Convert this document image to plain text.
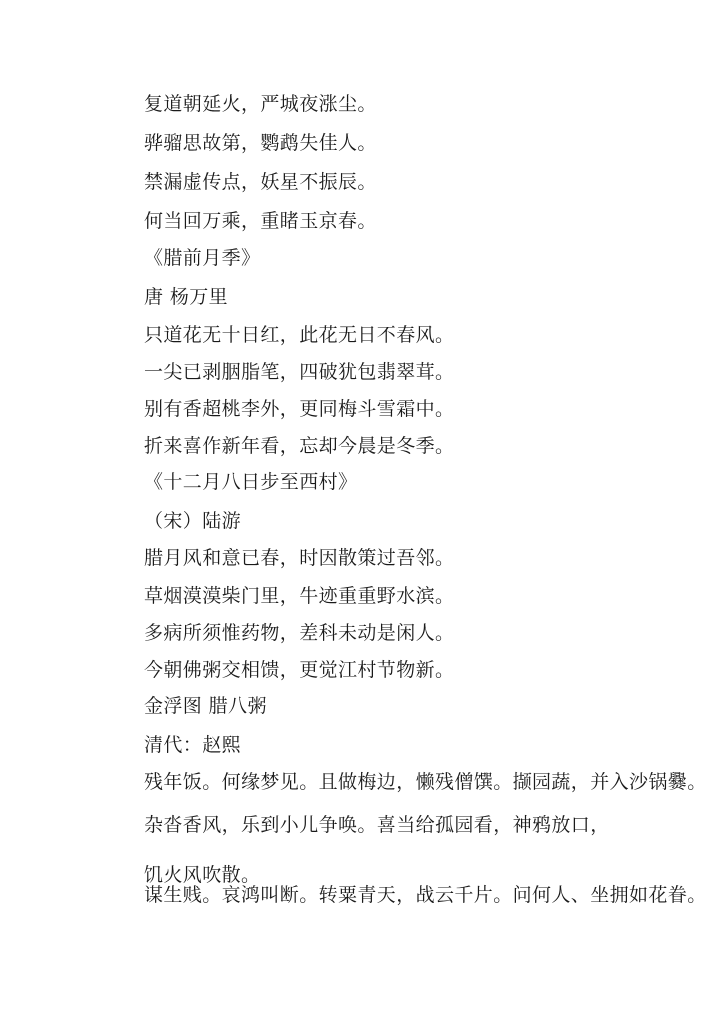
复道朝延火，严城夜涨尘。
骅骝思故第，鹦鹉失佳人。
禁漏虚传点，妖星不振辰。
何当回万乘，重睹玉京春。
《腊前月季》
唐 杨万里
只道花无十日红，此花无日不春风。
一尖已剥胭脂笔，四破犹包翡翠茸。
别有香超桃李外，更同梅斗雪霜中。
折来喜作新年看，忘却今晨是冬季。
《十二月八日步至西村》
（宋）陆游
腊月风和意已春，时因散策过吾邻。
草烟漠漠柴门里，牛迹重重野水滨。
多病所须惟药物，差科未动是闲人。
今朝佛粥交相馈，更觉江村节物新。
金浮图 腊八粥
清代：赵熙
残年饭。何缘梦见。且做梅边，懒残僧馔。撷园蔬，并入沙锅爨。
杂沓香风，乐到小儿争唤。喜当给孤园看，神鸦放口，饥火风吹散。
谋生贱。哀鸿叫断。转粟青天，战云千片。问何人、坐拥如花眷。
